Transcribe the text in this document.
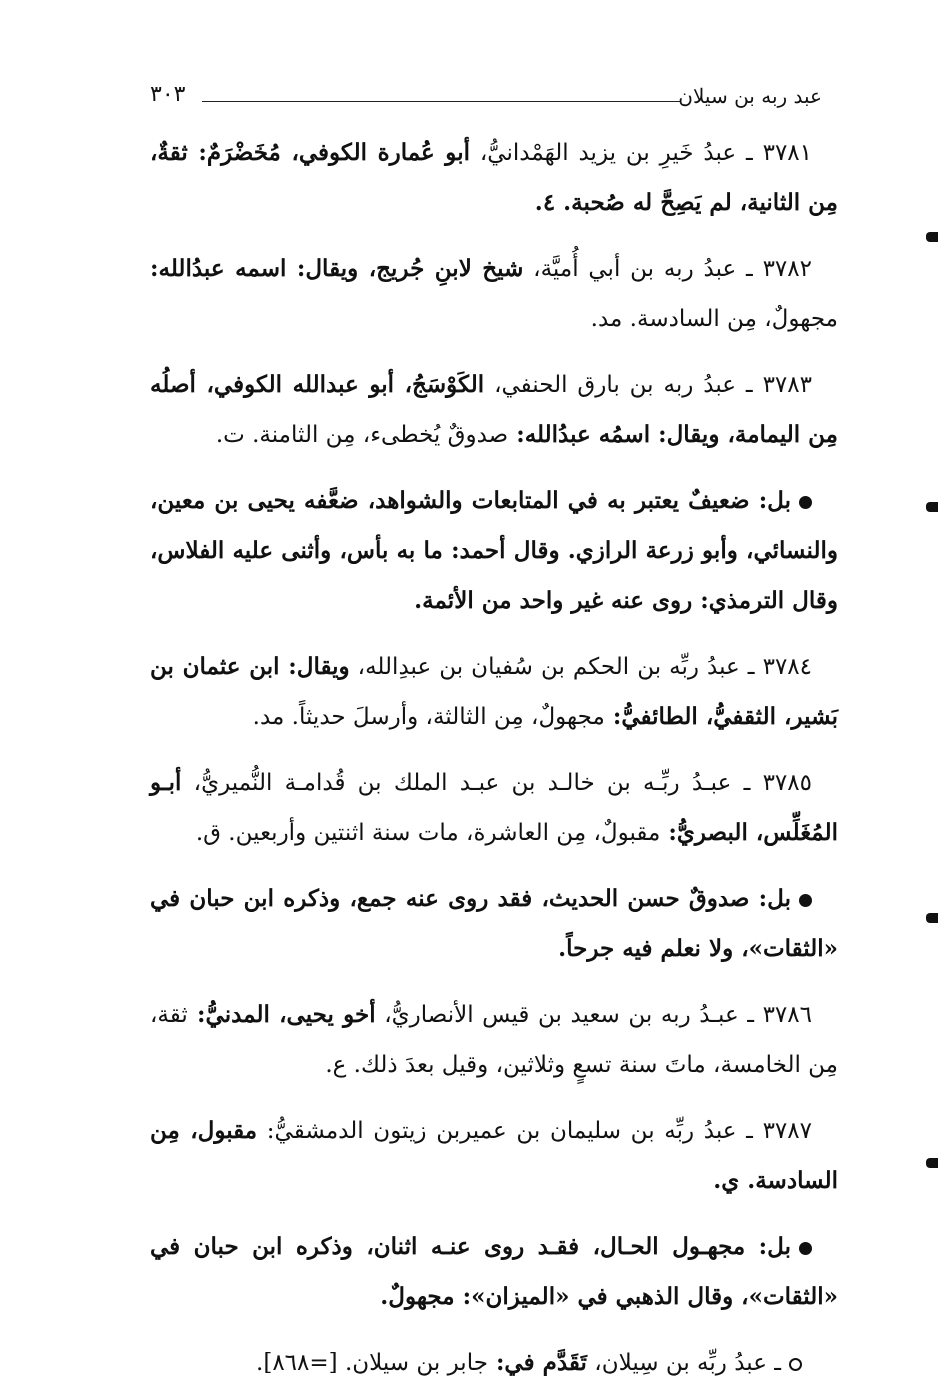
٣٠٣	عبد ربه بن سيلان

٣٧٨١ ـ عبدُ خَيرِ بن يزيد الهَمْدانيُّ، أبو عُمارة الكوفي، مُخَضْرَمٌ: ثقةٌ، مِن الثانية، لم يَصِحَّ له صُحبة. ٤.

٣٧٨٢ ـ عبدُ ربه بن أبي أُميَّة، شيخ لابنِ جُريج، ويقال: اسمه عبدُالله: مجهولٌ، مِن السادسة. مد.

٣٧٨٣ ـ عبدُ ربه بن بارق الحنفي، الكَوْسَجُ، أبو عبدالله الكوفي، أصلُه مِن اليمامة، ويقال: اسمُه عبدُالله: صدوقٌ يُخطىء، مِن الثامنة. ت.

بل: ضعيفٌ يعتبر به في المتابعات والشواهد، ضعَّفه يحيى بن معين، والنسائي، وأبو زرعة الرازي. وقال أحمد: ما به بأس، وأثنى عليه الفلاس، وقال الترمذي: روى عنه غير واحد من الأئمة.

٣٧٨٤ ـ عبدُ ربِّه بن الحكم بن سُفيان بن عبدِالله، ويقال: ابن عثمان بن بَشير، الثقفيُّ، الطائفيُّ: مجهولٌ، مِن الثالثة، وأرسلَ حديثاً. مد.

٣٧٨٥ ـ عبـدُ ربِّـه بن خالـد بن عبـد الملك بن قُدامـة النُّميريُّ، أبـو المُغَلِّس، البصريُّ: مقبولٌ، مِن العاشرة، مات سنة اثنتين وأربعين. ق.

بل: صدوقٌ حسن الحديث، فقد روى عنه جمع، وذكره ابن حبان في «الثقات»، ولا نعلم فيه جرحاً.

٣٧٨٦ ـ عبـدُ ربه بن سعيد بن قيس الأنصاريُّ، أخو يحيى، المدنيُّ: ثقة، مِن الخامسة، ماتَ سنة تسعٍ وثلاثين، وقيل بعدَ ذلك. ع.

٣٧٨٧ ـ عبدُ ربِّه بن سليمان بن عميربن زيتون الدمشقيُّ: مقبول، مِن السادسة. ي.

بل: مجهـول الحـال، فقـد روى عنـه اثنان، وذكره ابن حبان في «الثقات»، وقال الذهبي في «الميزان»: مجهولٌ.

ـ عبدُ ربِّه بن سِيلان، تَقَدَّم في: جابر بن سيلان. [=٨٦٨].
